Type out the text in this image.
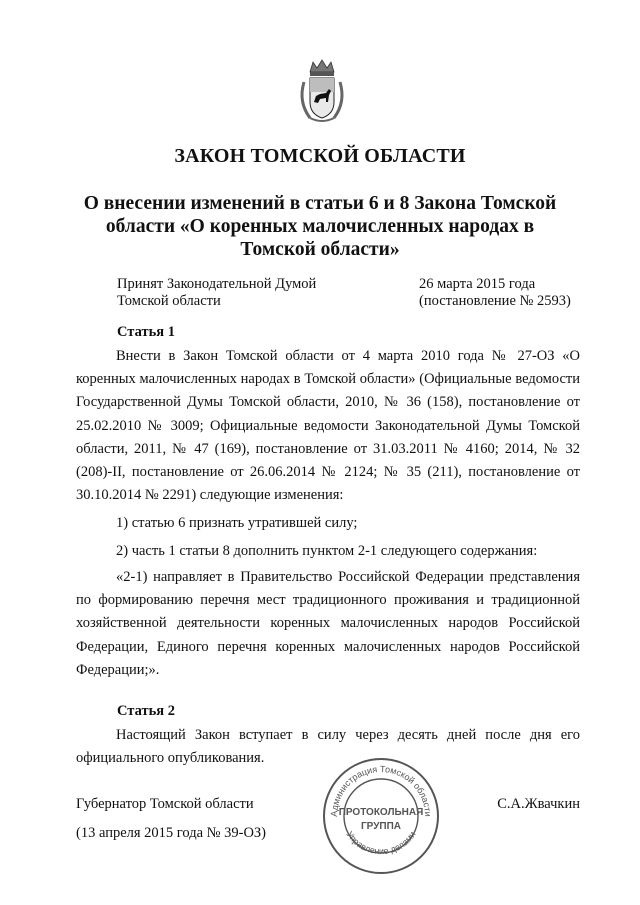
ЗАКОН ТОМСКОЙ ОБЛАСТИ
О внесении изменений в статьи 6 и 8 Закона Томской области «О коренных малочисленных народах в Томской области»
Принят Законодательной Думой
Томской области
26 марта 2015 года
(постановление № 2593)
Статья 1

Внести в Закон Томской области от 4 марта 2010 года № 27-ОЗ «О коренных малочисленных народах в Томской области» (Официальные ведомости Государственной Думы Томской области, 2010, № 36 (158), постановление от 25.02.2010 № 3009; Официальные ведомости Законодательной Думы Томской области, 2011, № 47 (169), постановление от 31.03.2011 № 4160; 2014, № 32 (208)-II, постановление от 26.06.2014 № 2124; № 35 (211), постановление от 30.10.2014 № 2291) следующие изменения:

1) статью 6 признать утратившей силу;

2) часть 1 статьи 8 дополнить пунктом 2-1 следующего содержания:

«2-1) направляет в Правительство Российской Федерации представления по формированию перечня мест традиционного проживания и традиционной хозяйственной деятельности коренных малочисленных народов Российской Федерации, Единого перечня коренных малочисленных народов Российской Федерации;».

Статья 2

Настоящий Закон вступает в силу через десять дней после дня его официального опубликования.

Губернатор Томской области	С.А.Жвачкин
(13 апреля 2015 года № 39-ОЗ)
Администрация Томской области
Управление делами
ПРОТОКОЛЬНАЯ
ГРУППА
